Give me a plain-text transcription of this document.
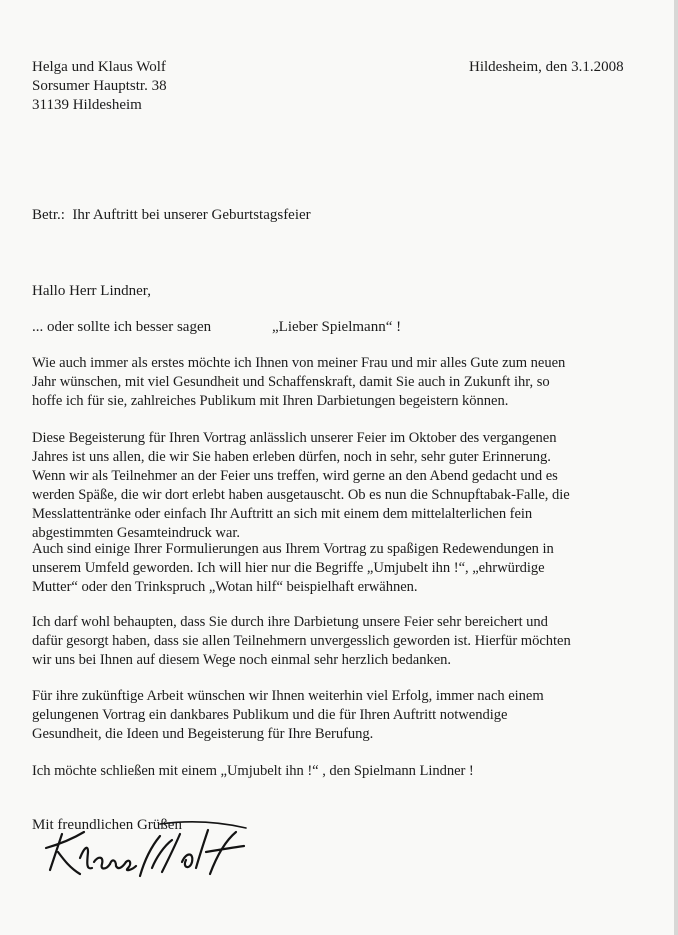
Helga und Klaus Wolf
Sorsumer Hauptstr. 38
31139 Hildesheim
Hildesheim, den 3.1.2008
Betr.:  Ihr Auftritt bei unserer Geburtstagsfeier
Hallo Herr Lindner,
... oder sollte ich besser sagen	„Lieber Spielmann“ !
Wie auch immer als erstes möchte ich Ihnen von meiner Frau und mir alles Gute zum neuen
Jahr wünschen, mit viel Gesundheit und Schaffenskraft, damit Sie auch in Zukunft ihr, so
hoffe ich für sie, zahlreiches Publikum mit Ihren Darbietungen begeistern können.
Diese Begeisterung für Ihren Vortrag anlässlich unserer Feier im Oktober des vergangenen
Jahres ist uns allen, die wir Sie haben erleben dürfen, noch in sehr, sehr guter Erinnerung.
Wenn wir als Teilnehmer an der Feier uns treffen, wird gerne an den Abend gedacht und es
werden Späße, die wir dort erlebt haben ausgetauscht. Ob es nun die Schnupftabak-Falle, die
Messlattentränke oder einfach Ihr Auftritt an sich mit einem dem mittelalterlichen fein
abgestimmten Gesamteindruck war.
Auch sind einige Ihrer Formulierungen aus Ihrem Vortrag zu spaßigen Redewendungen in
unserem Umfeld geworden. Ich will hier nur die Begriffe „Umjubelt ihn !“, „ehrwürdige
Mutter“ oder den Trinkspruch „Wotan hilf“ beispielhaft erwähnen.
Ich darf wohl behaupten, dass Sie durch ihre Darbietung unsere Feier sehr bereichert und
dafür gesorgt haben, dass sie allen Teilnehmern unvergesslich geworden ist. Hierfür möchten
wir uns bei Ihnen auf diesem Wege noch einmal sehr herzlich bedanken.
Für ihre zukünftige Arbeit wünschen wir Ihnen weiterhin viel Erfolg, immer nach einem
gelungenen Vortrag ein dankbares Publikum und die für Ihren Auftritt notwendige
Gesundheit, die Ideen und Begeisterung für Ihre Berufung.
Ich möchte schließen mit einem „Umjubelt ihn !“ , den Spielmann Lindner !
Mit freundlichen Grüßen
